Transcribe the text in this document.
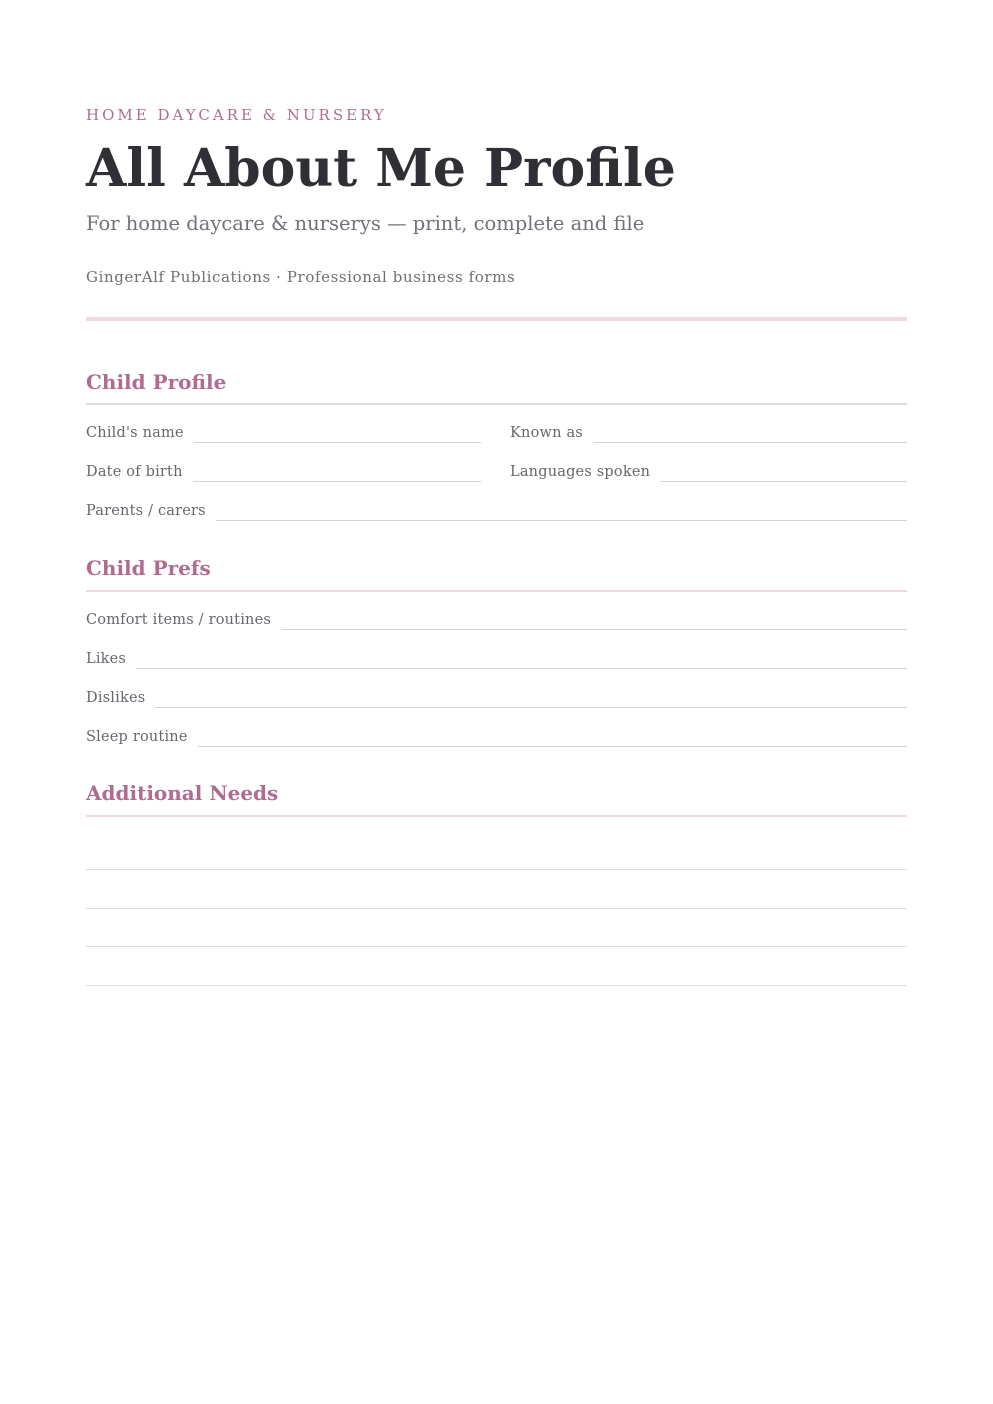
HOME DAYCARE & NURSERY
All About Me Profile
For home daycare & nurserys — print, complete and file
GingerAlf Publications · Professional business forms
Child Profile
Child's name	Known as
Date of birth	Languages spoken
Parents / carers
Child Prefs
Comfort items / routines
Likes
Dislikes
Sleep routine
Additional Needs
